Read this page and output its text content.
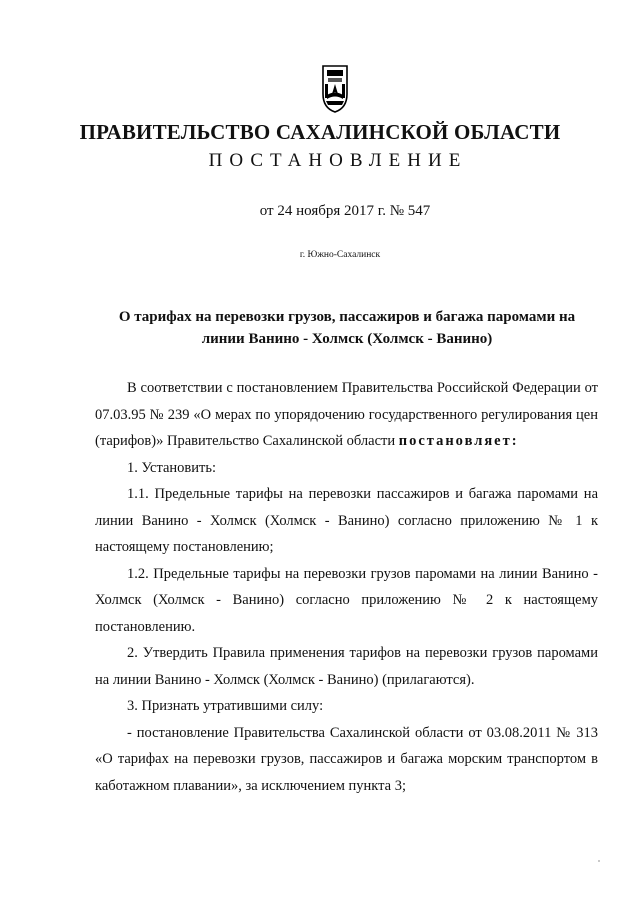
ПРАВИТЕЛЬСТВО САХАЛИНСКОЙ ОБЛАСТИ
ПОСТАНОВЛЕНИЕ
от 24 ноября 2017 г. № 547
г. Южно-Сахалинск
О тарифах на перевозки грузов, пассажиров и багажа паромами на линии Ванино - Холмск (Холмск - Ванино)

В соответствии с постановлением Правительства Российской Федерации от 07.03.95 № 239 «О мерах по упорядочению государственного регулирования цен (тарифов)» Правительство Сахалинской области постановляет:

1. Установить:

1.1. Предельные тарифы на перевозки пассажиров и багажа паромами на линии Ванино - Холмск (Холмск - Ванино) согласно приложению № 1 к настоящему постановлению;

1.2. Предельные тарифы на перевозки грузов паромами на линии Ванино - Холмск (Холмск - Ванино) согласно приложению № 2 к настоящему постановлению.

2. Утвердить Правила применения тарифов на перевозки грузов паромами на линии Ванино - Холмск (Холмск - Ванино) (прилагаются).

3. Признать утратившими силу:

- постановление Правительства Сахалинской области от 03.08.2011 № 313 «О тарифах на перевозки грузов, пассажиров и багажа морским транспортом в каботажном плавании», за исключением пункта 3;
